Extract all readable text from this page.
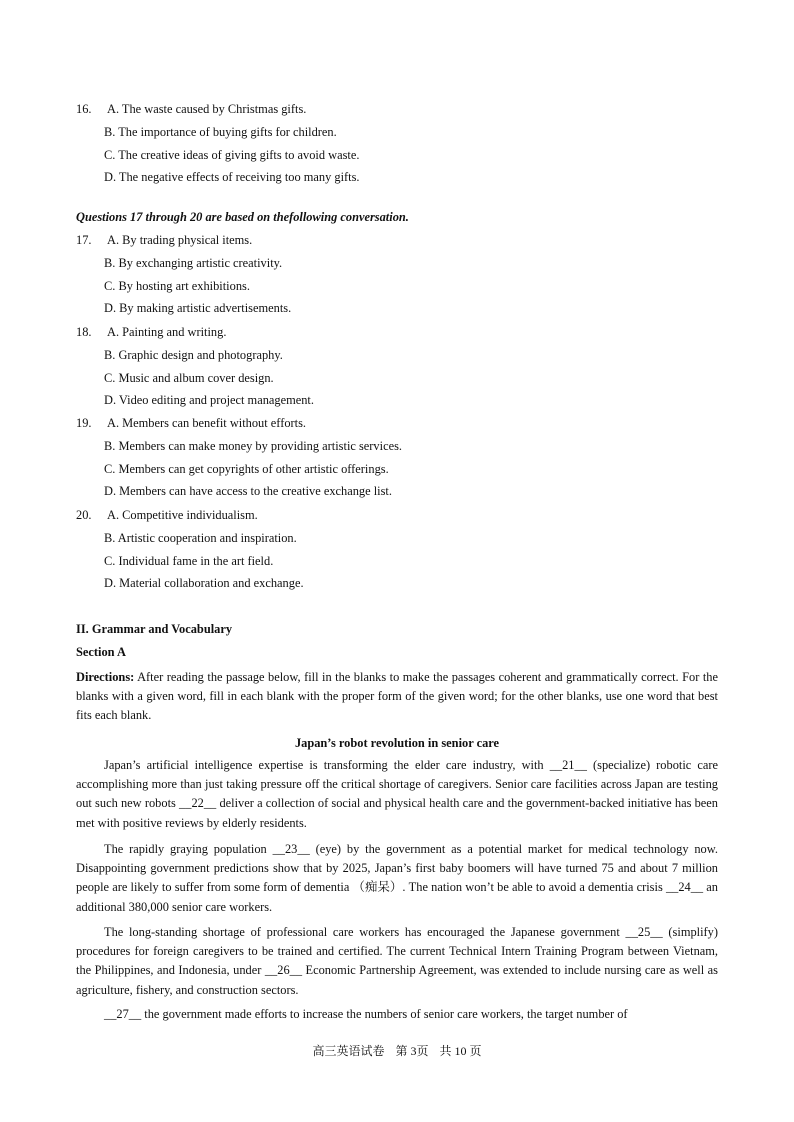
16. A. The waste caused by Christmas gifts.
B. The importance of buying gifts for children.
C. The creative ideas of giving gifts to avoid waste.
D. The negative effects of receiving too many gifts.
Questions 17 through 20 are based on thefollowing conversation.
17. A. By trading physical items.
B. By exchanging artistic creativity.
C. By hosting art exhibitions.
D. By making artistic advertisements.
18. A. Painting and writing.
B. Graphic design and photography.
C. Music and album cover design.
D. Video editing and project management.
19. A. Members can benefit without efforts.
B. Members can make money by providing artistic services.
C. Members can get copyrights of other artistic offerings.
D. Members can have access to the creative exchange list.
20. A. Competitive individualism.
B. Artistic cooperation and inspiration.
C. Individual fame in the art field.
D. Material collaboration and exchange.
II. Grammar and Vocabulary
Section A
Directions: After reading the passage below, fill in the blanks to make the passages coherent and grammatically correct. For the blanks with a given word, fill in each blank with the proper form of the given word; for the other blanks, use one word that best fits each blank.
Japan’s robot revolution in senior care
Japan’s artificial intelligence expertise is transforming the elder care industry, with __21__ (specialize) robotic care accomplishing more than just taking pressure off the critical shortage of caregivers. Senior care facilities across Japan are testing out such new robots __22__ deliver a collection of social and physical health care and the government-backed initiative has been met with positive reviews by elderly residents.
The rapidly graying population __23__ (eye) by the government as a potential market for medical technology now. Disappointing government predictions show that by 2025, Japan’s first baby boomers will have turned 75 and about 7 million people are likely to suffer from some form of dementia （痴呆）. The nation won’t be able to avoid a dementia crisis __24__ an additional 380,000 senior care workers.
The long-standing shortage of professional care workers has encouraged the Japanese government __25__ (simplify) procedures for foreign caregivers to be trained and certified. The current Technical Intern Training Program between Vietnam, the Philippines, and Indonesia, under __26__ Economic Partnership Agreement, was extended to include nursing care as well as agriculture, fishery, and construction sectors.
__27__ the government made efforts to increase the numbers of senior care workers, the target number of
高三英语试卷 第 3页 共 10 页
